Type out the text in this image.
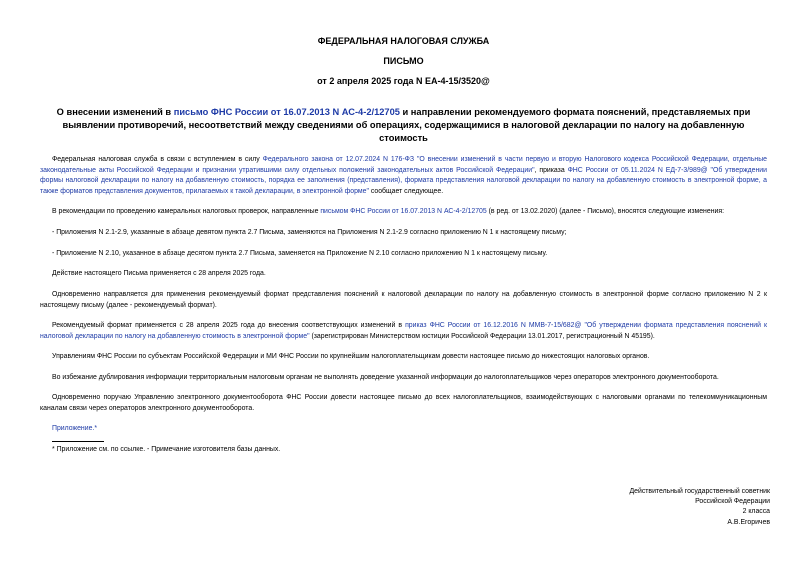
ФЕДЕРАЛЬНАЯ НАЛОГОВАЯ СЛУЖБА
ПИСЬМО
от 2 апреля 2025 года N ЕА-4-15/3520@
О внесении изменений в письмо ФНС России от 16.07.2013 N АС-4-2/12705 и направлении рекомендуемого формата пояснений, представляемых при выявлении противоречий, несоответствий между сведениями об операциях, содержащимися в налоговой декларации по налогу на добавленную стоимость
Федеральная налоговая служба в связи с вступлением в силу Федерального закона от 12.07.2024 N 176-ФЗ "О внесении изменений в части первую и вторую Налогового кодекса Российской Федерации, отдельные законодательные акты Российской Федерации и признании утратившими силу отдельных положений законодательных актов Российской Федерации", приказа ФНС России от 05.11.2024 N ЕД-7-3/989@ "Об утверждении формы налоговой декларации по налогу на добавленную стоимость, порядка ее заполнения (представления), формата представления налоговой декларации по налогу на добавленную стоимость в электронной форме, а также форматов представления документов, прилагаемых к такой декларации, в электронной форме" сообщает следующее.
В рекомендации по проведению камеральных налоговых проверок, направленные письмом ФНС России от 16.07.2013 N АС-4-2/12705 (в ред. от 13.02.2020) (далее - Письмо), вносятся следующие изменения:
- Приложения N 2.1-2.9, указанные в абзаце девятом пункта 2.7 Письма, заменяются на Приложения N 2.1-2.9 согласно приложению N 1 к настоящему письму;
- Приложение N 2.10, указанное в абзаце десятом пункта 2.7 Письма, заменяется на Приложение N 2.10 согласно приложению N 1 к настоящему письму.
Действие настоящего Письма применяется с 28 апреля 2025 года.
Одновременно направляется для применения рекомендуемый формат представления пояснений к налоговой декларации по налогу на добавленную стоимость в электронной форме согласно приложению N 2 к настоящему письму (далее - рекомендуемый формат).
Рекомендуемый формат применяется с 28 апреля 2025 года до внесения соответствующих изменений в приказ ФНС России от 16.12.2016 N ММВ-7-15/682@ "Об утверждении формата представления пояснений к налоговой декларации по налогу на добавленную стоимость в электронной форме" (зарегистрирован Министерством юстиции Российской Федерации 13.01.2017, регистрационный N 45195).
Управлениям ФНС России по субъектам Российской Федерации и МИ ФНС России по крупнейшим налогоплательщикам довести настоящее письмо до нижестоящих налоговых органов.
Во избежание дублирования информации территориальным налоговым органам не выполнять доведение указанной информации до налогоплательщиков через операторов электронного документооборота.
Одновременно поручаю Управлению электронного документооборота ФНС России довести настоящее письмо до всех налогоплательщиков, взаимодействующих с налоговыми органами по телекоммуникационным каналам связи через операторов электронного документооборота.
Приложение.*
* Приложение см. по ссылке. - Примечание изготовителя базы данных.
Действительный государственный советник
Российской Федерации
2 класса
А.В.Егоричев
